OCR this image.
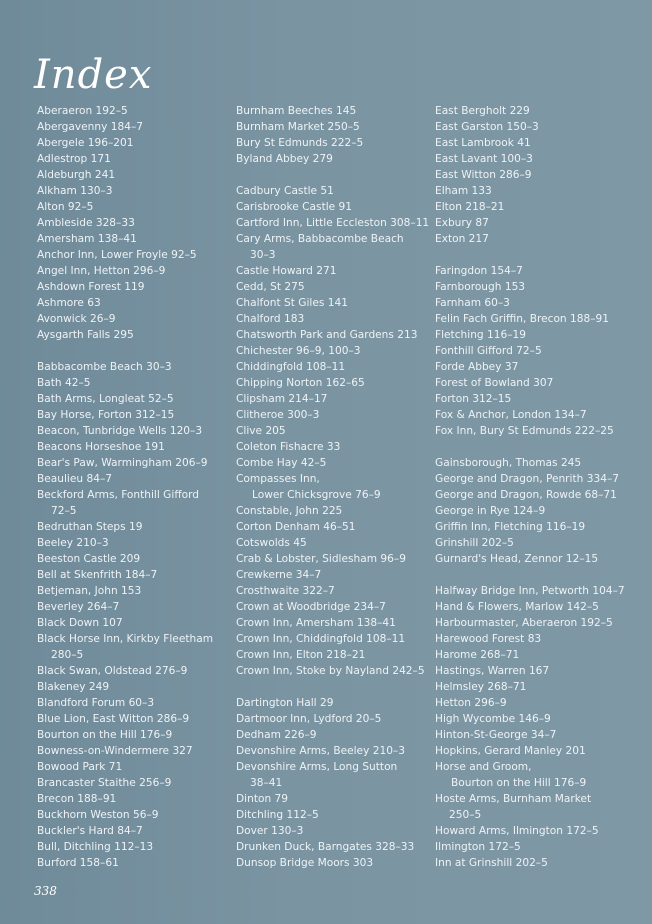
Index
Aberaeron 192–5
Abergavenny 184–7
Abergele 196–201
Adlestrop 171
Aldeburgh 241
Alkham 130–3
Alton 92–5
Ambleside 328–33
Amersham 138–41
Anchor Inn, Lower Froyle 92–5
Angel Inn, Hetton 296–9
Ashdown Forest 119
Ashmore 63
Avonwick 26–9
Aysgarth Falls 295
Babbacombe Beach 30–3
Bath 42–5
Bath Arms, Longleat 52–5
Bay Horse, Forton 312–15
Beacon, Tunbridge Wells 120–3
Beacons Horseshoe 191
Bear's Paw, Warmingham 206–9
Beaulieu 84–7
Beckford Arms, Fonthill Gifford
72–5
Bedruthan Steps 19
Beeley 210–3
Beeston Castle 209
Bell at Skenfrith 184–7
Betjeman, John 153
Beverley 264–7
Black Down 107
Black Horse Inn, Kirkby Fleetham
280–5
Black Swan, Oldstead 276–9
Blakeney 249
Blandford Forum 60–3
Blue Lion, East Witton 286–9
Bourton on the Hill 176–9
Bowness-on-Windermere 327
Bowood Park 71
Brancaster Staithe 256–9
Brecon 188–91
Buckhorn Weston 56–9
Buckler's Hard 84–7
Bull, Ditchling 112–13
Burford 158–61
Burnham Beeches 145
Burnham Market 250–5
Bury St Edmunds 222–5
Byland Abbey 279
Cadbury Castle 51
Carisbrooke Castle 91
Cartford Inn, Little Eccleston 308–11
Cary Arms, Babbacombe Beach
30–3
Castle Howard 271
Cedd, St 275
Chalfont St Giles 141
Chalford 183
Chatsworth Park and Gardens 213
Chichester 96–9, 100–3
Chiddingfold 108–11
Chipping Norton 162–65
Clipsham 214–17
Clitheroe 300–3
Clive 205
Coleton Fishacre 33
Combe Hay 42–5
Compasses Inn,
Lower Chicksgrove 76–9
Constable, John 225
Corton Denham 46–51
Cotswolds 45
Crab & Lobster, Sidlesham 96–9
Crewkerne 34–7
Crosthwaite 322–7
Crown at Woodbridge 234–7
Crown Inn, Amersham 138–41
Crown Inn, Chiddingfold 108–11
Crown Inn, Elton 218–21
Crown Inn, Stoke by Nayland 242–5
Dartington Hall 29
Dartmoor Inn, Lydford 20–5
Dedham 226–9
Devonshire Arms, Beeley 210–3
Devonshire Arms, Long Sutton
38–41
Dinton 79
Ditchling 112–5
Dover 130–3
Drunken Duck, Barngates 328–33
Dunsop Bridge Moors 303
East Bergholt 229
East Garston 150–3
East Lambrook 41
East Lavant 100–3
East Witton 286–9
Elham 133
Elton 218–21
Exbury 87
Exton 217
Faringdon 154–7
Farnborough 153
Farnham 60–3
Felin Fach Griffin, Brecon 188–91
Fletching 116–19
Fonthill Gifford 72–5
Forde Abbey 37
Forest of Bowland 307
Forton 312–15
Fox & Anchor, London 134–7
Fox Inn, Bury St Edmunds 222–25
Gainsborough, Thomas 245
George and Dragon, Penrith 334–7
George and Dragon, Rowde 68–71
George in Rye 124–9
Griffin Inn, Fletching 116–19
Grinshill 202–5
Gurnard's Head, Zennor 12–15
Halfway Bridge Inn, Petworth 104–7
Hand & Flowers, Marlow 142–5
Harbourmaster, Aberaeron 192–5
Harewood Forest 83
Harome 268–71
Hastings, Warren 167
Helmsley 268–71
Hetton 296–9
High Wycombe 146–9
Hinton-St-George 34–7
Hopkins, Gerard Manley 201
Horse and Groom,
Bourton on the Hill 176–9
Hoste Arms, Burnham Market
250–5
Howard Arms, Ilmington 172–5
Ilmington 172–5
Inn at Grinshill 202–5
338
